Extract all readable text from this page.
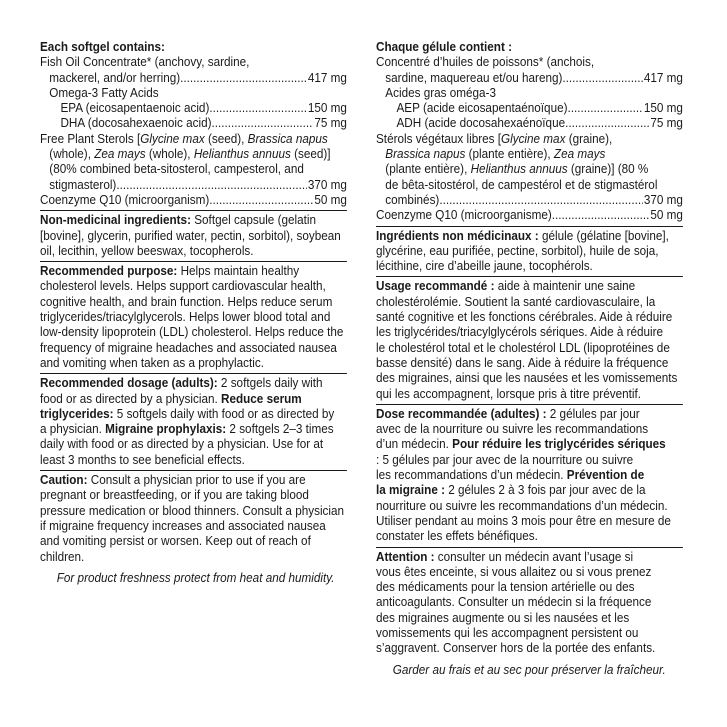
Each softgel contains:
Fish Oil Concentrate* (anchovy, sardine,
mackerel, and/or herring) .....	417 mg
Omega-3 Fatty Acids
EPA (eicosapentaenoic acid) .....	150 mg
DHA (docosahexaenoic acid) .....	75 mg
Free Plant Sterols [Glycine max (seed), Brassica napus
(whole), Zea mays (whole), Helianthus annuus (seed)]
(80% combined beta-sitosterol, campesterol, and
stigmasterol) .....	370 mg
Coenzyme Q10 (microorganism) .....	50 mg
Non-medicinal ingredients: Softgel capsule (gelatin
[bovine], glycerin, purified water, pectin, sorbitol), soybean
oil, lecithin, yellow beeswax, tocopherols.
Recommended purpose: Helps maintain healthy
cholesterol levels. Helps support cardiovascular health,
cognitive health, and brain function. Helps reduce serum
triglycerides/triacylglycerols. Helps lower blood total and
low-density lipoprotein (LDL) cholesterol. Helps reduce the
frequency of migraine headaches and associated nausea
and vomiting when taken as a prophylactic.
Recommended dosage (adults): 2 softgels daily with
food or as directed by a physician. Reduce serum
triglycerides: 5 softgels daily with food or as directed by
a physician. Migraine prophylaxis: 2 softgels 2–3 times
daily with food or as directed by a physician. Use for at
least 3 months to see beneficial effects.
Caution: Consult a physician prior to use if you are
pregnant or breastfeeding, or if you are taking blood
pressure medication or blood thinners. Consult a physician
if migraine frequency increases and associated nausea
and vomiting persist or worsen. Keep out of reach of
children.
For product freshness protect from heat and humidity.
Chaque gélule contient :
Concentré d’huiles de poissons* (anchois,
sardine, maquereau et/ou hareng) .....	417 mg
Acides gras oméga-3
AEP (acide eicosapentaénoïque) .....	150 mg
ADH (acide docosahexaénoïque .....	75 mg
Stérols végétaux libres [Glycine max (graine),
Brassica napus (plante entière), Zea mays
(plante entière), Helianthus annuus (graine)] (80 %
de bêta-sitostérol, de campestérol et de stigmastérol
combinés) .....	370 mg
Coenzyme Q10 (microorganisme) .....	50 mg
Ingrédients non médicinaux : gélule (gélatine [bovine],
glycérine, eau purifiée, pectine, sorbitol), huile de soja,
lécithine, cire d’abeille jaune, tocophérols.
Usage recommandé : aide à maintenir une saine
cholestérolémie. Soutient la santé cardiovasculaire, la
santé cognitive et les fonctions cérébrales. Aide à réduire
les triglycérides/triacylglycérols sériques. Aide à réduire
le cholestérol total et le cholestérol LDL (lipoprotéines de
basse densité) dans le sang. Aide à réduire la fréquence
des migraines, ainsi que les nausées et les vomissements
qui les accompagnent, lorsque pris à titre préventif.
Dose recommandée (adultes) : 2 gélules par jour
avec de la nourriture ou suivre les recommandations
d’un médecin. Pour réduire les triglycérides sériques
: 5 gélules par jour avec de la nourriture ou suivre
les recommandations d’un médecin. Prévention de
la migraine : 2 gélules 2 à 3 fois par jour avec de la
nourriture ou suivre les recommandations d’un médecin.
Utiliser pendant au moins 3 mois pour être en mesure de
constater les effets bénéfiques.
Attention : consulter un médecin avant l’usage si
vous êtes enceinte, si vous allaitez ou si vous prenez
des médicaments pour la tension artérielle ou des
anticoagulants. Consulter un médecin si la fréquence
des migraines augmente ou si les nausées et les
vomissements qui les accompagnent persistent ou
s’aggravent. Conserver hors de la portée des enfants.
Garder au frais et au sec pour préserver la fraîcheur.
